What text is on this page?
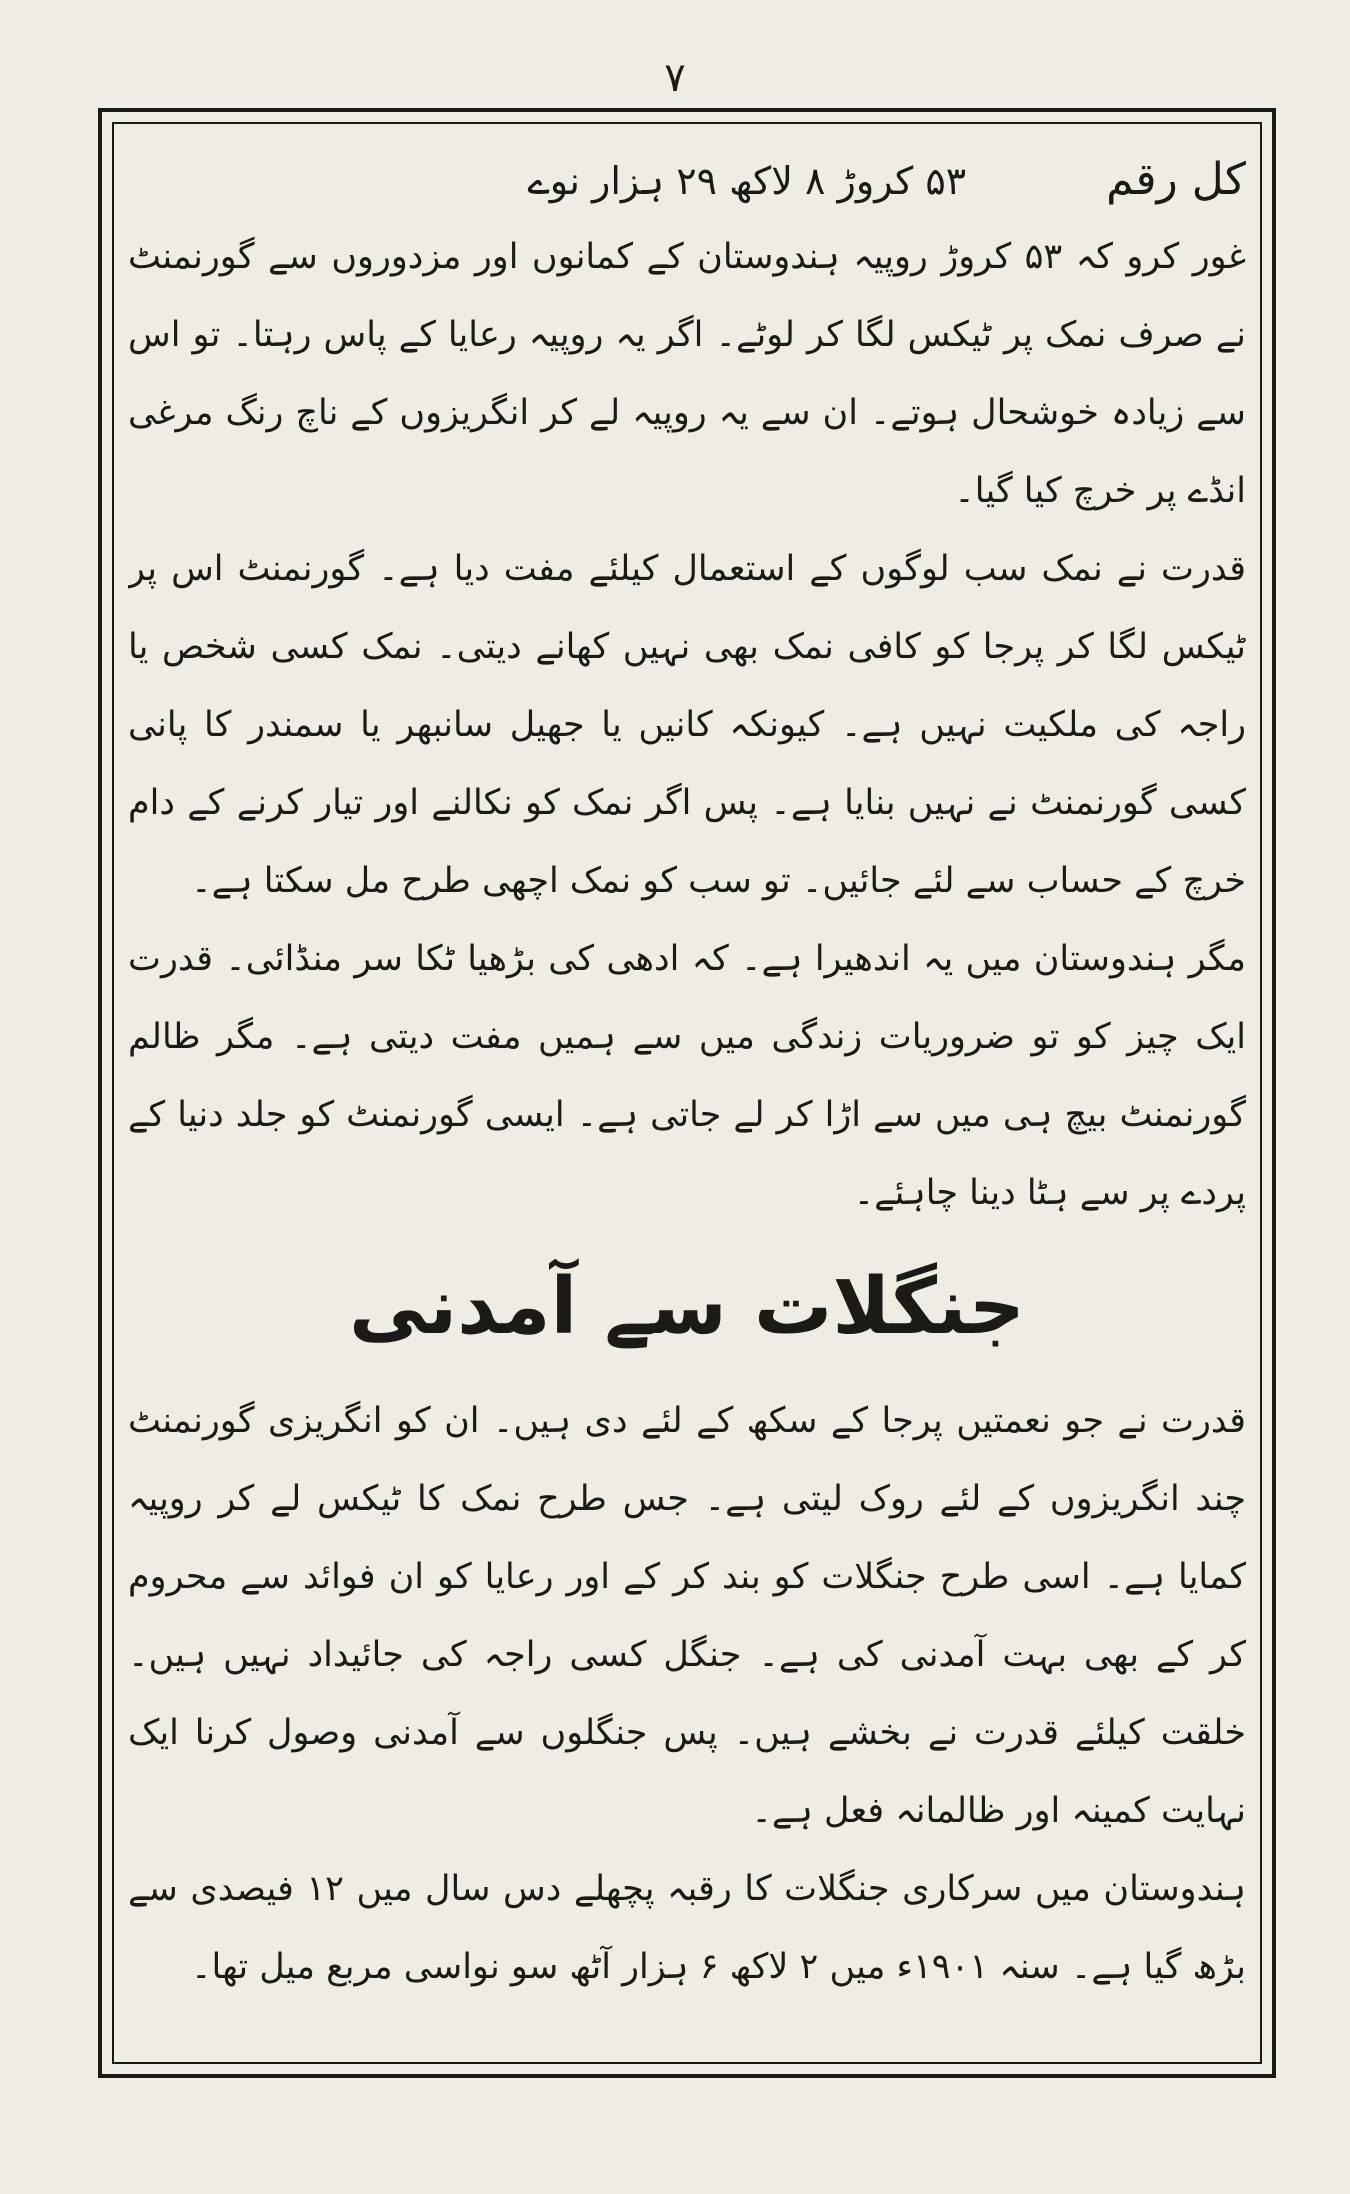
۷
کل رقم
۵۳ کروڑ ۸ لاکھ ۲۹ ہزار نوے

غور کرو کہ ۵۳ کروڑ روپیہ ہندوستان کے کمانوں اور مزدوروں سے گورنمنٹ نے صرف نمک پر ٹیکس لگا کر لوٹے۔ اگر یہ روپیہ رعایا کے پاس رہتا۔ تو اس سے زیادہ خوشحال ہوتے۔ ان سے یہ روپیہ لے کر انگریزوں کے ناچ رنگ مرغی انڈے پر خرچ کیا گیا۔

قدرت نے نمک سب لوگوں کے استعمال کیلئے مفت دیا ہے۔ گورنمنٹ اس پر ٹیکس لگا کر پرجا کو کافی نمک بھی نہیں کھانے دیتی۔ نمک کسی شخص یا راجہ کی ملکیت نہیں ہے۔ کیونکہ کانیں یا جھیل سانبھر یا سمندر کا پانی کسی گورنمنٹ نے نہیں بنایا ہے۔ پس اگر نمک کو نکالنے اور تیار کرنے کے دام خرچ کے حساب سے لئے جائیں۔ تو سب کو نمک اچھی طرح مل سکتا ہے۔

مگر ہندوستان میں یہ اندھیرا ہے۔ کہ ادھی کی بڑھیا ٹکا سر منڈائی۔ قدرت ایک چیز کو تو ضروریات زندگی میں سے ہمیں مفت دیتی ہے۔ مگر ظالم گورنمنٹ بیچ ہی میں سے اڑا کر لے جاتی ہے۔ ایسی گورنمنٹ کو جلد دنیا کے پردے پر سے ہٹا دینا چاہئے۔

جنگلات سے آمدنی

قدرت نے جو نعمتیں پرجا کے سکھ کے لئے دی ہیں۔ ان کو انگریزی گورنمنٹ چند انگریزوں کے لئے روک لیتی ہے۔ جس طرح نمک کا ٹیکس لے کر روپیہ کمایا ہے۔ اسی طرح جنگلات کو بند کر کے اور رعایا کو ان فوائد سے محروم کر کے بھی بہت آمدنی کی ہے۔ جنگل کسی راجہ کی جائیداد نہیں ہیں۔ خلقت کیلئے قدرت نے بخشے ہیں۔ پس جنگلوں سے آمدنی وصول کرنا ایک نہایت کمینہ اور ظالمانہ فعل ہے۔

ہندوستان میں سرکاری جنگلات کا رقبہ پچھلے دس سال میں ۱۲ فیصدی سے بڑھ گیا ہے۔ سنہ ۱۹۰۱ء میں ۲ لاکھ ۶ ہزار آٹھ سو نواسی مربع میل تھا۔
